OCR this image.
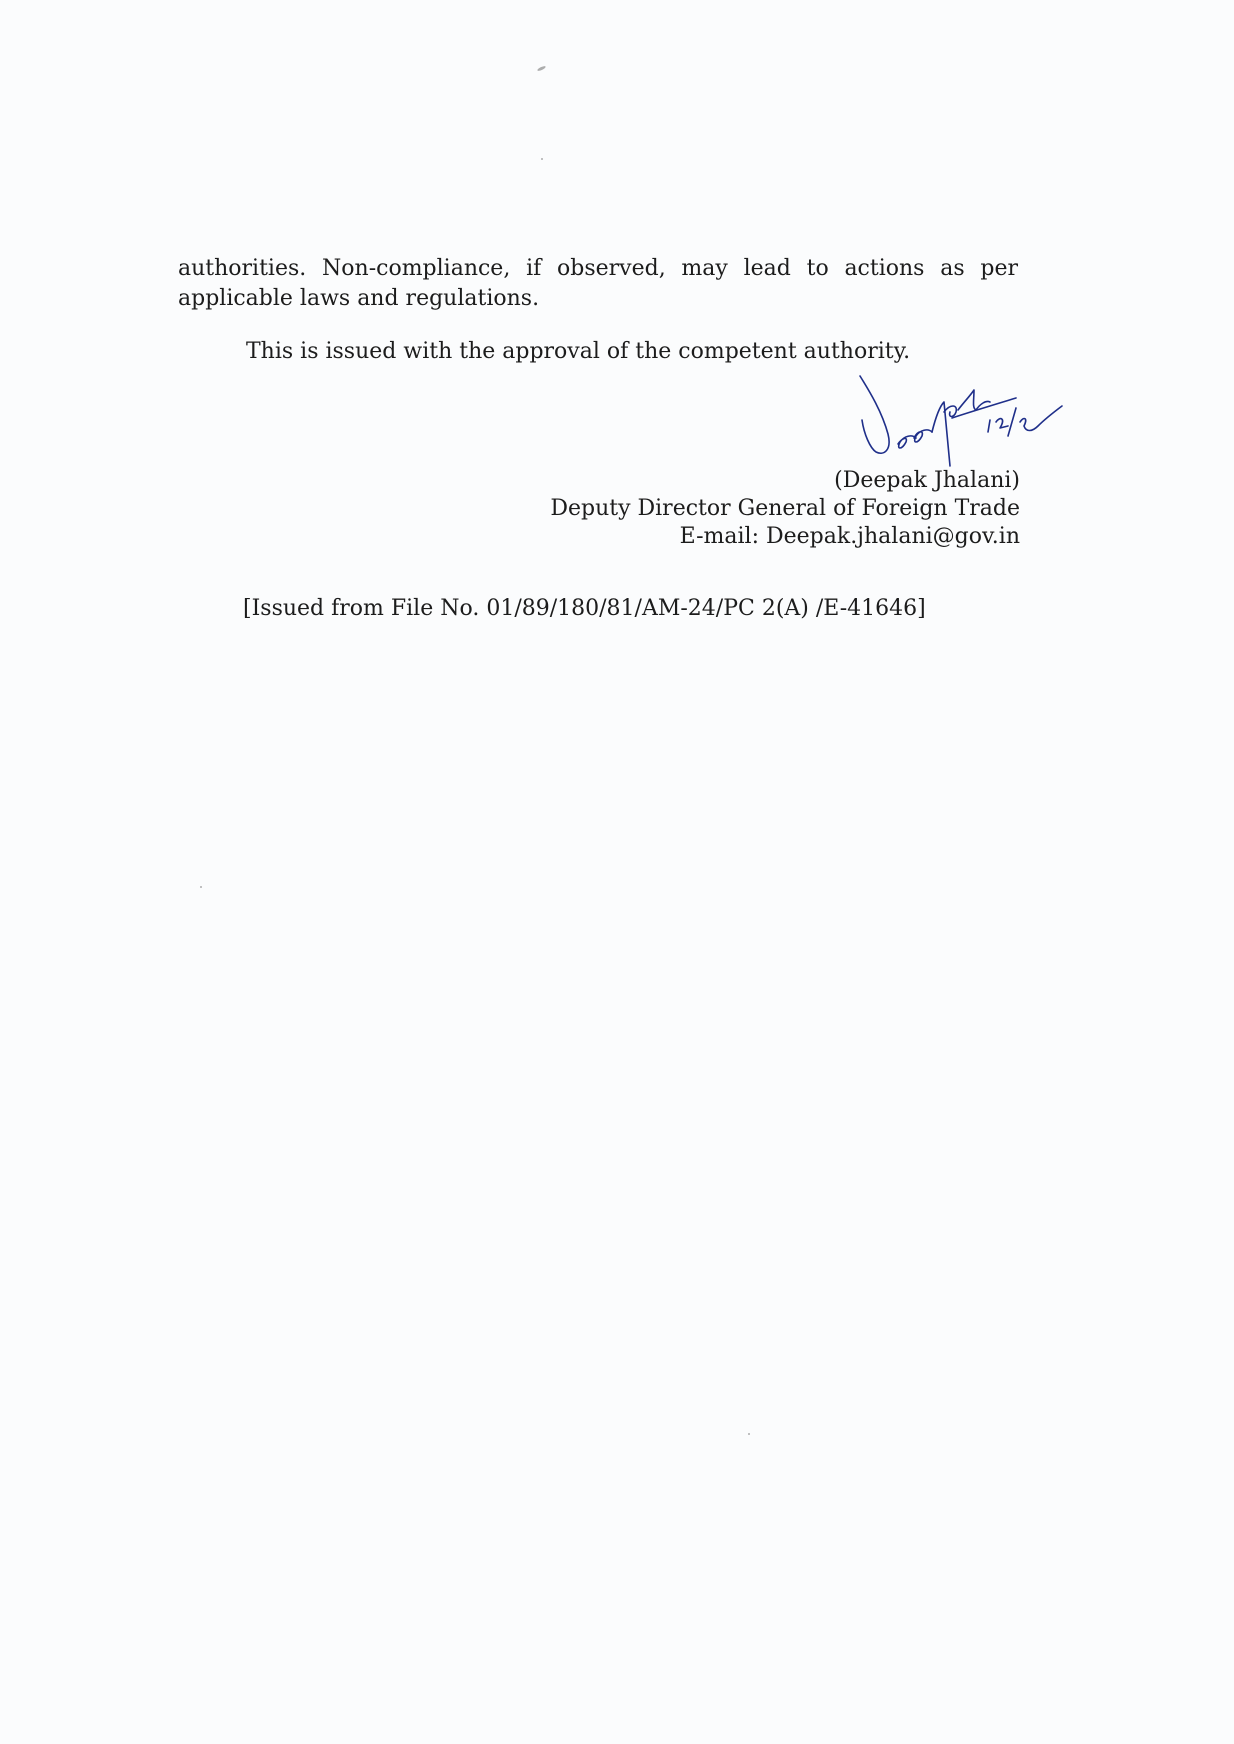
authorities. Non-compliance, if observed, may lead to actions as per applicable laws and regulations.

This is issued with the approval of the competent authority.

(Deepak Jhalani)
Deputy Director General of Foreign Trade
E-mail: Deepak.jhalani@gov.in
[Issued from File No. 01/89/180/81/AM-24/PC 2(A) /E-41646]
